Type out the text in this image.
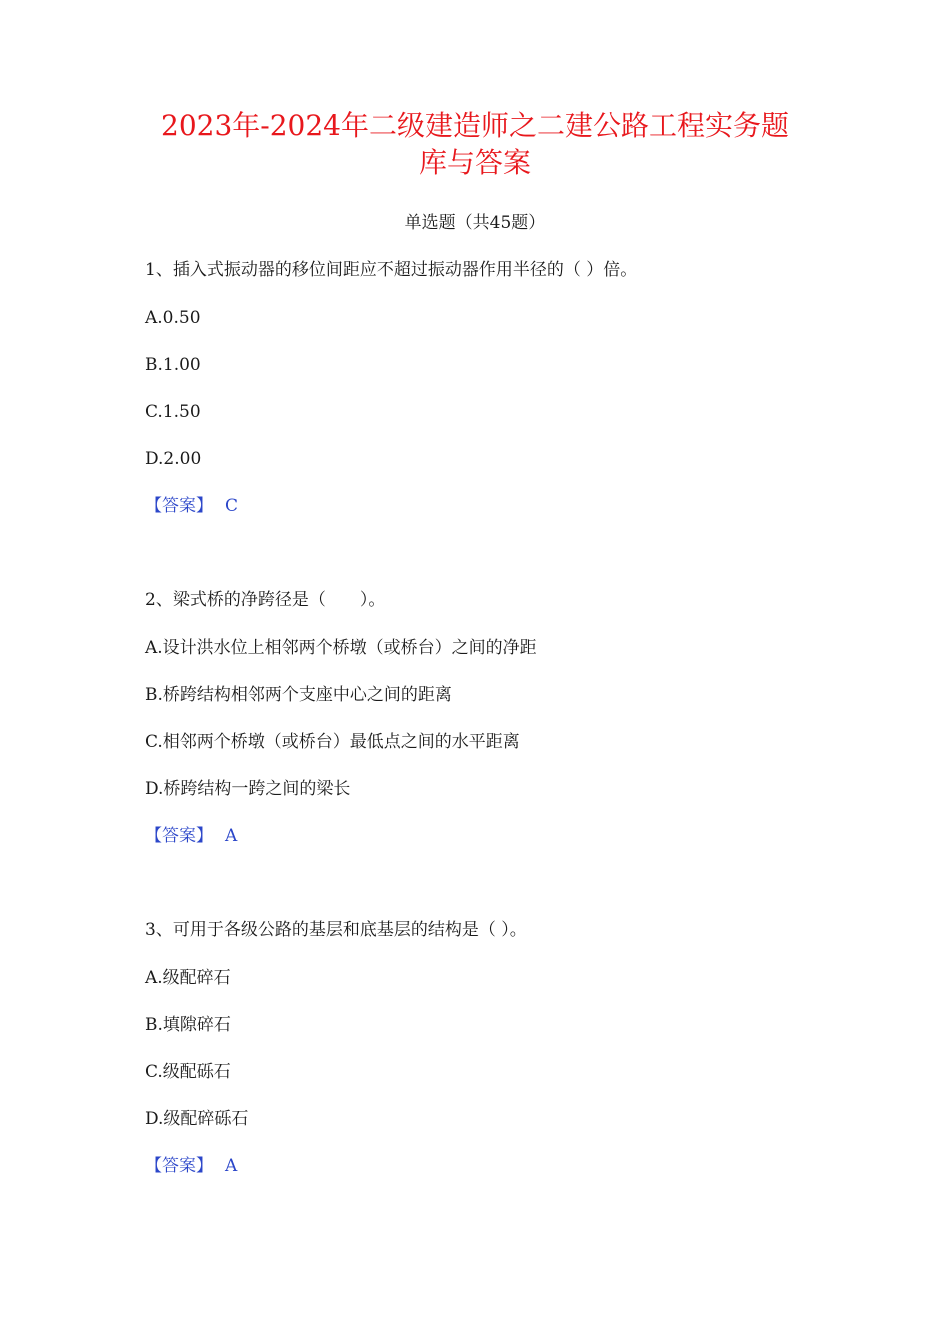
2023年-2024年二级建造师之二建公路工程实务题
库与答案
单选题（共45题）
1、插入式振动器的移位间距应不超过振动器作用半径的（ ）倍。
A.0.50
B.1.00
C.1.50
D.2.00
【答案】 C
2、梁式桥的净跨径是（　　）。
A.设计洪水位上相邻两个桥墩（或桥台）之间的净距
B.桥跨结构相邻两个支座中心之间的距离
C.相邻两个桥墩（或桥台）最低点之间的水平距离
D.桥跨结构一跨之间的梁长
【答案】 A
3、可用于各级公路的基层和底基层的结构是（ ）。
A.级配碎石
B.填隙碎石
C.级配砾石
D.级配碎砾石
【答案】 A
